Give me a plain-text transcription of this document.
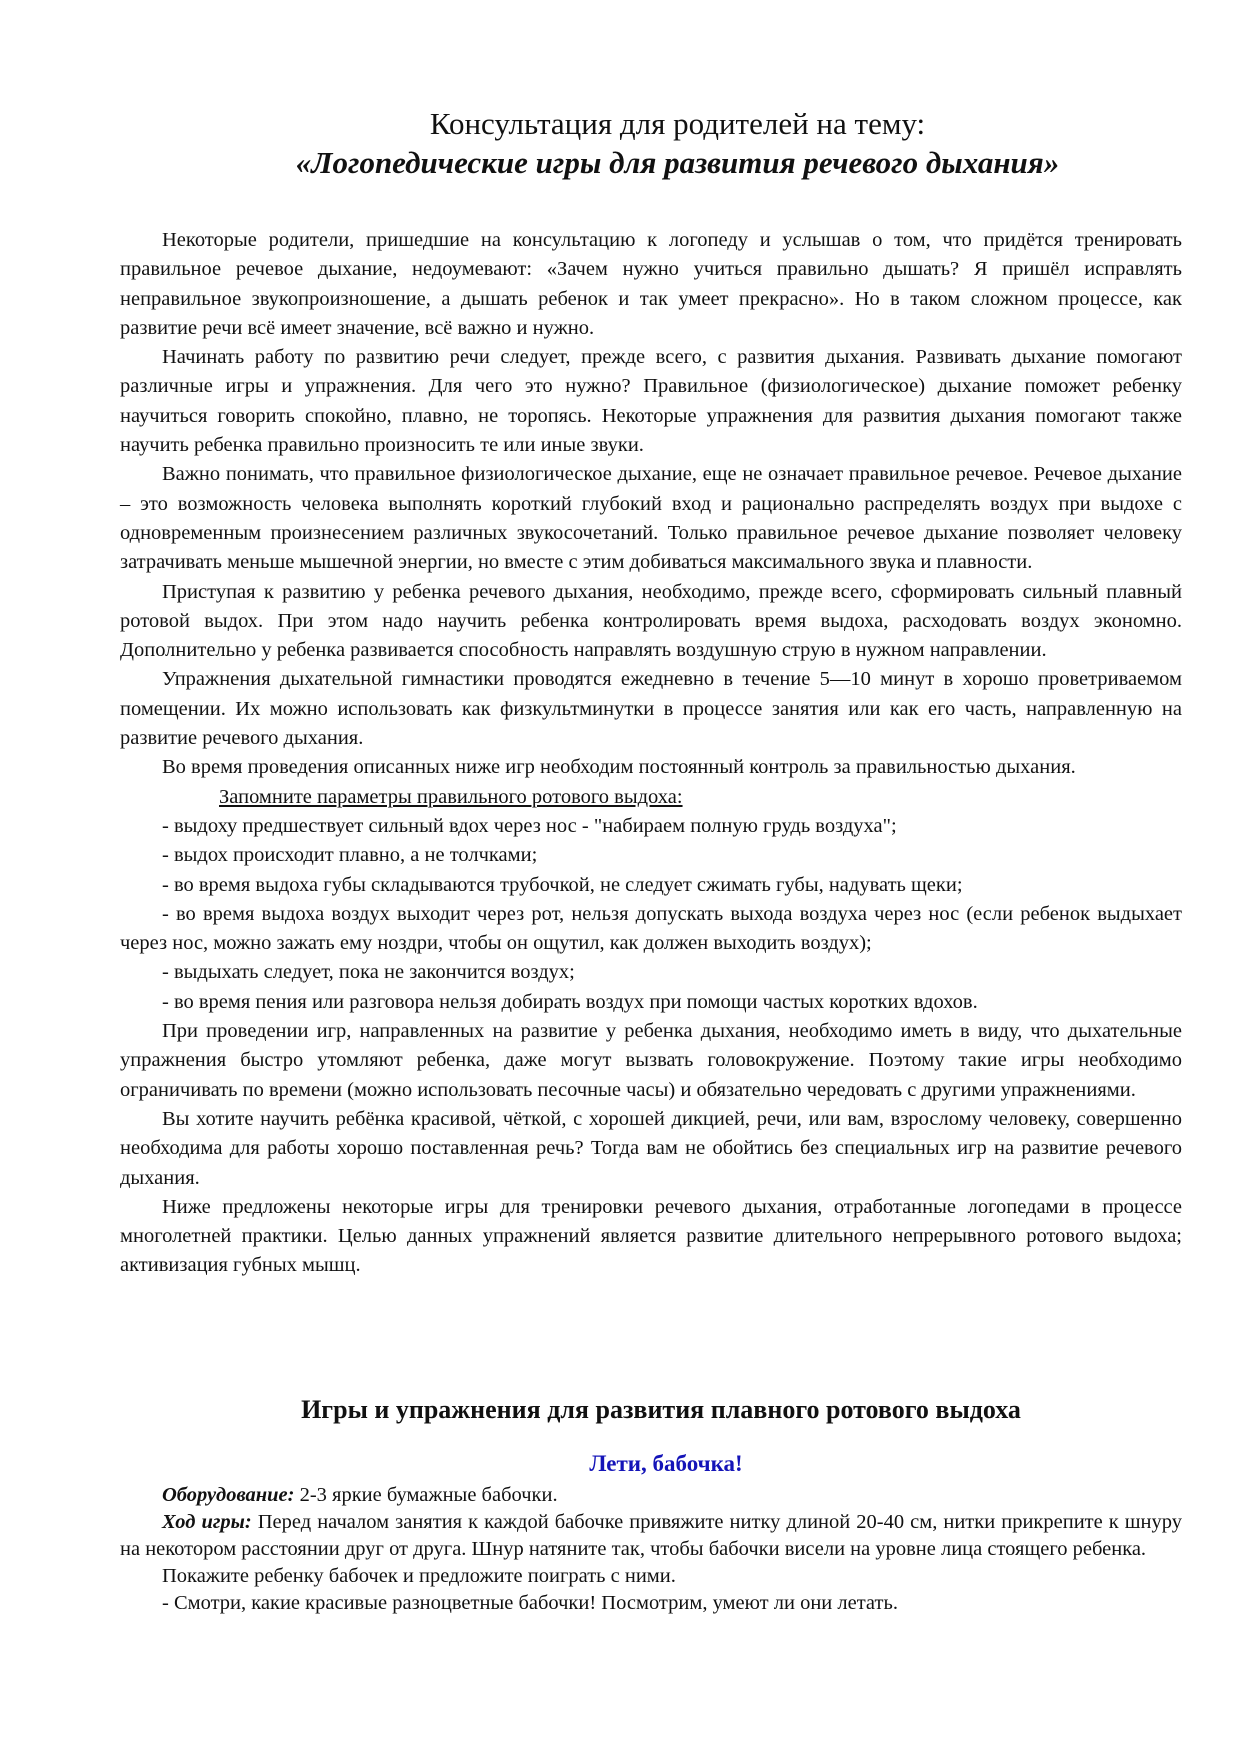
Консультация для родителей на тему:
«Логопедические игры для развития речевого дыхания»

Некоторые родители, пришедшие на консультацию к логопеду и услышав о том, что придётся тренировать правильное речевое дыхание, недоумевают: «Зачем нужно учиться правильно дышать? Я пришёл исправлять неправильное звукопроизношение, а дышать ребенок и так умеет прекрасно». Но в таком сложном процессе, как развитие речи всё имеет значение, всё важно и нужно.

Начинать работу по развитию речи следует, прежде всего, с развития дыхания. Развивать дыхание помогают различные игры и упражнения. Для чего это нужно? Правильное (физиологическое) дыхание поможет ребенку научиться говорить спокойно, плавно, не торопясь. Некоторые упражнения для развития дыхания помогают также научить ребенка правильно произносить те или иные звуки.

Важно понимать, что правильное физиологическое дыхание, еще не означает правильное речевое. Речевое дыхание – это возможность человека выполнять короткий глубокий вход и рационально распределять воздух при выдохе с одновременным произнесением различных звукосочетаний. Только правильное речевое дыхание позволяет человеку затрачивать меньше мышечной энергии, но вместе с этим добиваться максимального звука и плавности.

Приступая к развитию у ребенка речевого дыхания, необходимо, прежде всего, сформировать сильный плавный ротовой выдох. При этом надо научить ребенка контролировать время выдоха, расходовать воздух экономно. Дополнительно у ребенка развивается способность направлять воздушную струю в нужном направлении.

Упражнения дыхательной гимнастики проводятся ежедневно в течение 5—10 минут в хорошо проветриваемом помещении. Их можно использовать как физкультминутки в процессе занятия или как его часть, направленную на развитие речевого дыхания.

Во время проведения описанных ниже игр необходим постоянный контроль за правильностью дыхания.

Запомните параметры правильного ротового выдоха:

- выдоху предшествует сильный вдох через нос - "набираем полную грудь воздуха";

- выдох происходит плавно, а не толчками;

- во время выдоха губы складываются трубочкой, не следует сжимать губы, надувать щеки;

- во время выдоха воздух выходит через рот, нельзя допускать выхода воздуха через нос (если ребенок выдыхает через нос, можно зажать ему ноздри, чтобы он ощутил, как должен выходить воздух);

- выдыхать следует, пока не закончится воздух;

- во время пения или разговора нельзя добирать воздух при помощи частых коротких вдохов.

При проведении игр, направленных на развитие у ребенка дыхания, необходимо иметь в виду, что дыхательные упражнения быстро утомляют ребенка, даже могут вызвать головокружение. Поэтому такие игры необходимо ограничивать по времени (можно использовать песочные часы) и обязательно чередовать с другими упражнениями.

Вы хотите научить ребёнка красивой, чёткой, с хорошей дикцией, речи, или вам, взрослому человеку, совершенно необходима для работы хорошо поставленная речь? Тогда вам не обойтись без специальных игр на развитие речевого дыхания.

Ниже предложены некоторые игры для тренировки речевого дыхания, отработанные логопедами в процессе многолетней практики. Целью данных упражнений является развитие длительного непрерывного ротового выдоха; активизация губных мышц.

Игры и упражнения для развития плавного ротового выдоха
Лети, бабочка!

Оборудование: 2-3 яркие бумажные бабочки.

Ход игры: Перед началом занятия к каждой бабочке привяжите нитку длиной 20-40 см, нитки прикрепите к шнуру на некотором расстоянии друг от друга. Шнур натяните так, чтобы бабочки висели на уровне лица стоящего ребенка.

Покажите ребенку бабочек и предложите поиграть с ними.

- Смотри, какие красивые разноцветные бабочки! Посмотрим, умеют ли они летать.
